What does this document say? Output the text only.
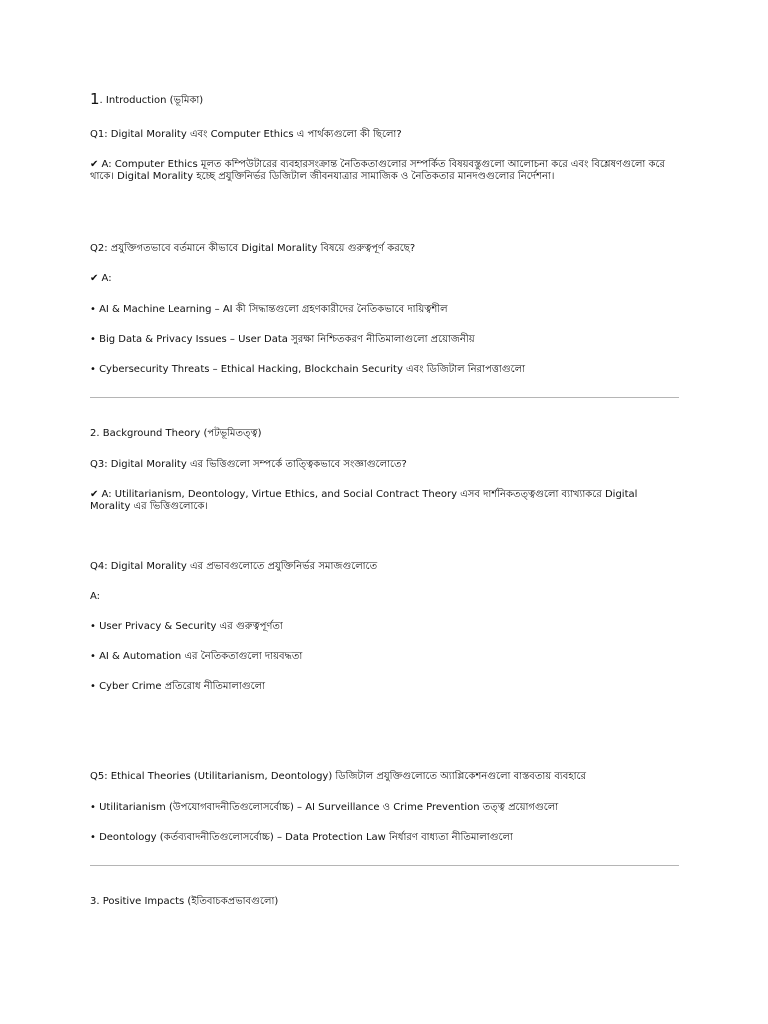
1. Introduction (ভূমিকা)
Q1: Digital Morality এবং Computer Ethics এ পার্থক্যগুলো কী ছিলো?
✔ A: Computer Ethics মূলত কম্পিউটারের ব্যবহারসংক্রান্ত নৈতিকতাগুলোর সম্পর্কিত বিষয়বস্তুগুলো আলোচনা করে এবং বিশ্লেষণগুলো করে থাকে। Digital Morality হচ্ছে প্রযুক্তিনির্ভর ডিজিটাল জীবনযাত্রার সামাজিক ও নৈতিকতার মানদণ্ডগুলোর নির্দেশনা।
Q2: প্রযুক্তিগতভাবে বর্তমানে কীভাবে Digital Morality বিষয়ে গুরুত্বপূর্ণ করছে?
✔ A:
• AI & Machine Learning – AI কী সিদ্ধান্তগুলো গ্রহণকারীদের নৈতিকভাবে দায়িত্বশীল
• Big Data & Privacy Issues – User Data সুরক্ষা নিশ্চিতকরণ নীতিমালাগুলো প্রয়োজনীয়
• Cybersecurity Threats – Ethical Hacking, Blockchain Security এবং ডিজিটাল নিরাপত্তাগুলো
2. Background Theory (পটভূমিতত্ত্ব)
Q3: Digital Morality এর ভিত্তিগুলো সম্পর্কে তাত্ত্বিকভাবে সংজ্ঞাগুলোতে?
✔ A: Utilitarianism, Deontology, Virtue Ethics, and Social Contract Theory এসব দার্শনিকতত্ত্বগুলো ব্যাখ্যাকরে Digital Morality এর ভিত্তিগুলোকে।
Q4: Digital Morality এর প্রভাবগুলোতে প্রযুক্তিনির্ভর সমাজগুলোতে
A:
• User Privacy & Security এর গুরুত্বপূর্ণতা
• AI & Automation এর নৈতিকতাগুলো দায়বদ্ধতা
• Cyber Crime প্রতিরোধ নীতিমালাগুলো
Q5: Ethical Theories (Utilitarianism, Deontology) ডিজিটাল প্রযুক্তিগুলোতে অ্যাপ্লিকেশনগুলো বাস্তবতায় ব্যবহারে
• Utilitarianism (উপযোগবাদনীতিগুলোসর্বোচ্চ) – AI Surveillance ও Crime Prevention তত্ত্ব প্রয়োগগুলো
• Deontology (কর্তব্যবাদনীতিগুলোসর্বোচ্চ) – Data Protection Law নির্ধারণ বাধ্যতা নীতিমালাগুলো
3. Positive Impacts (ইতিবাচকপ্রভাবগুলো)
